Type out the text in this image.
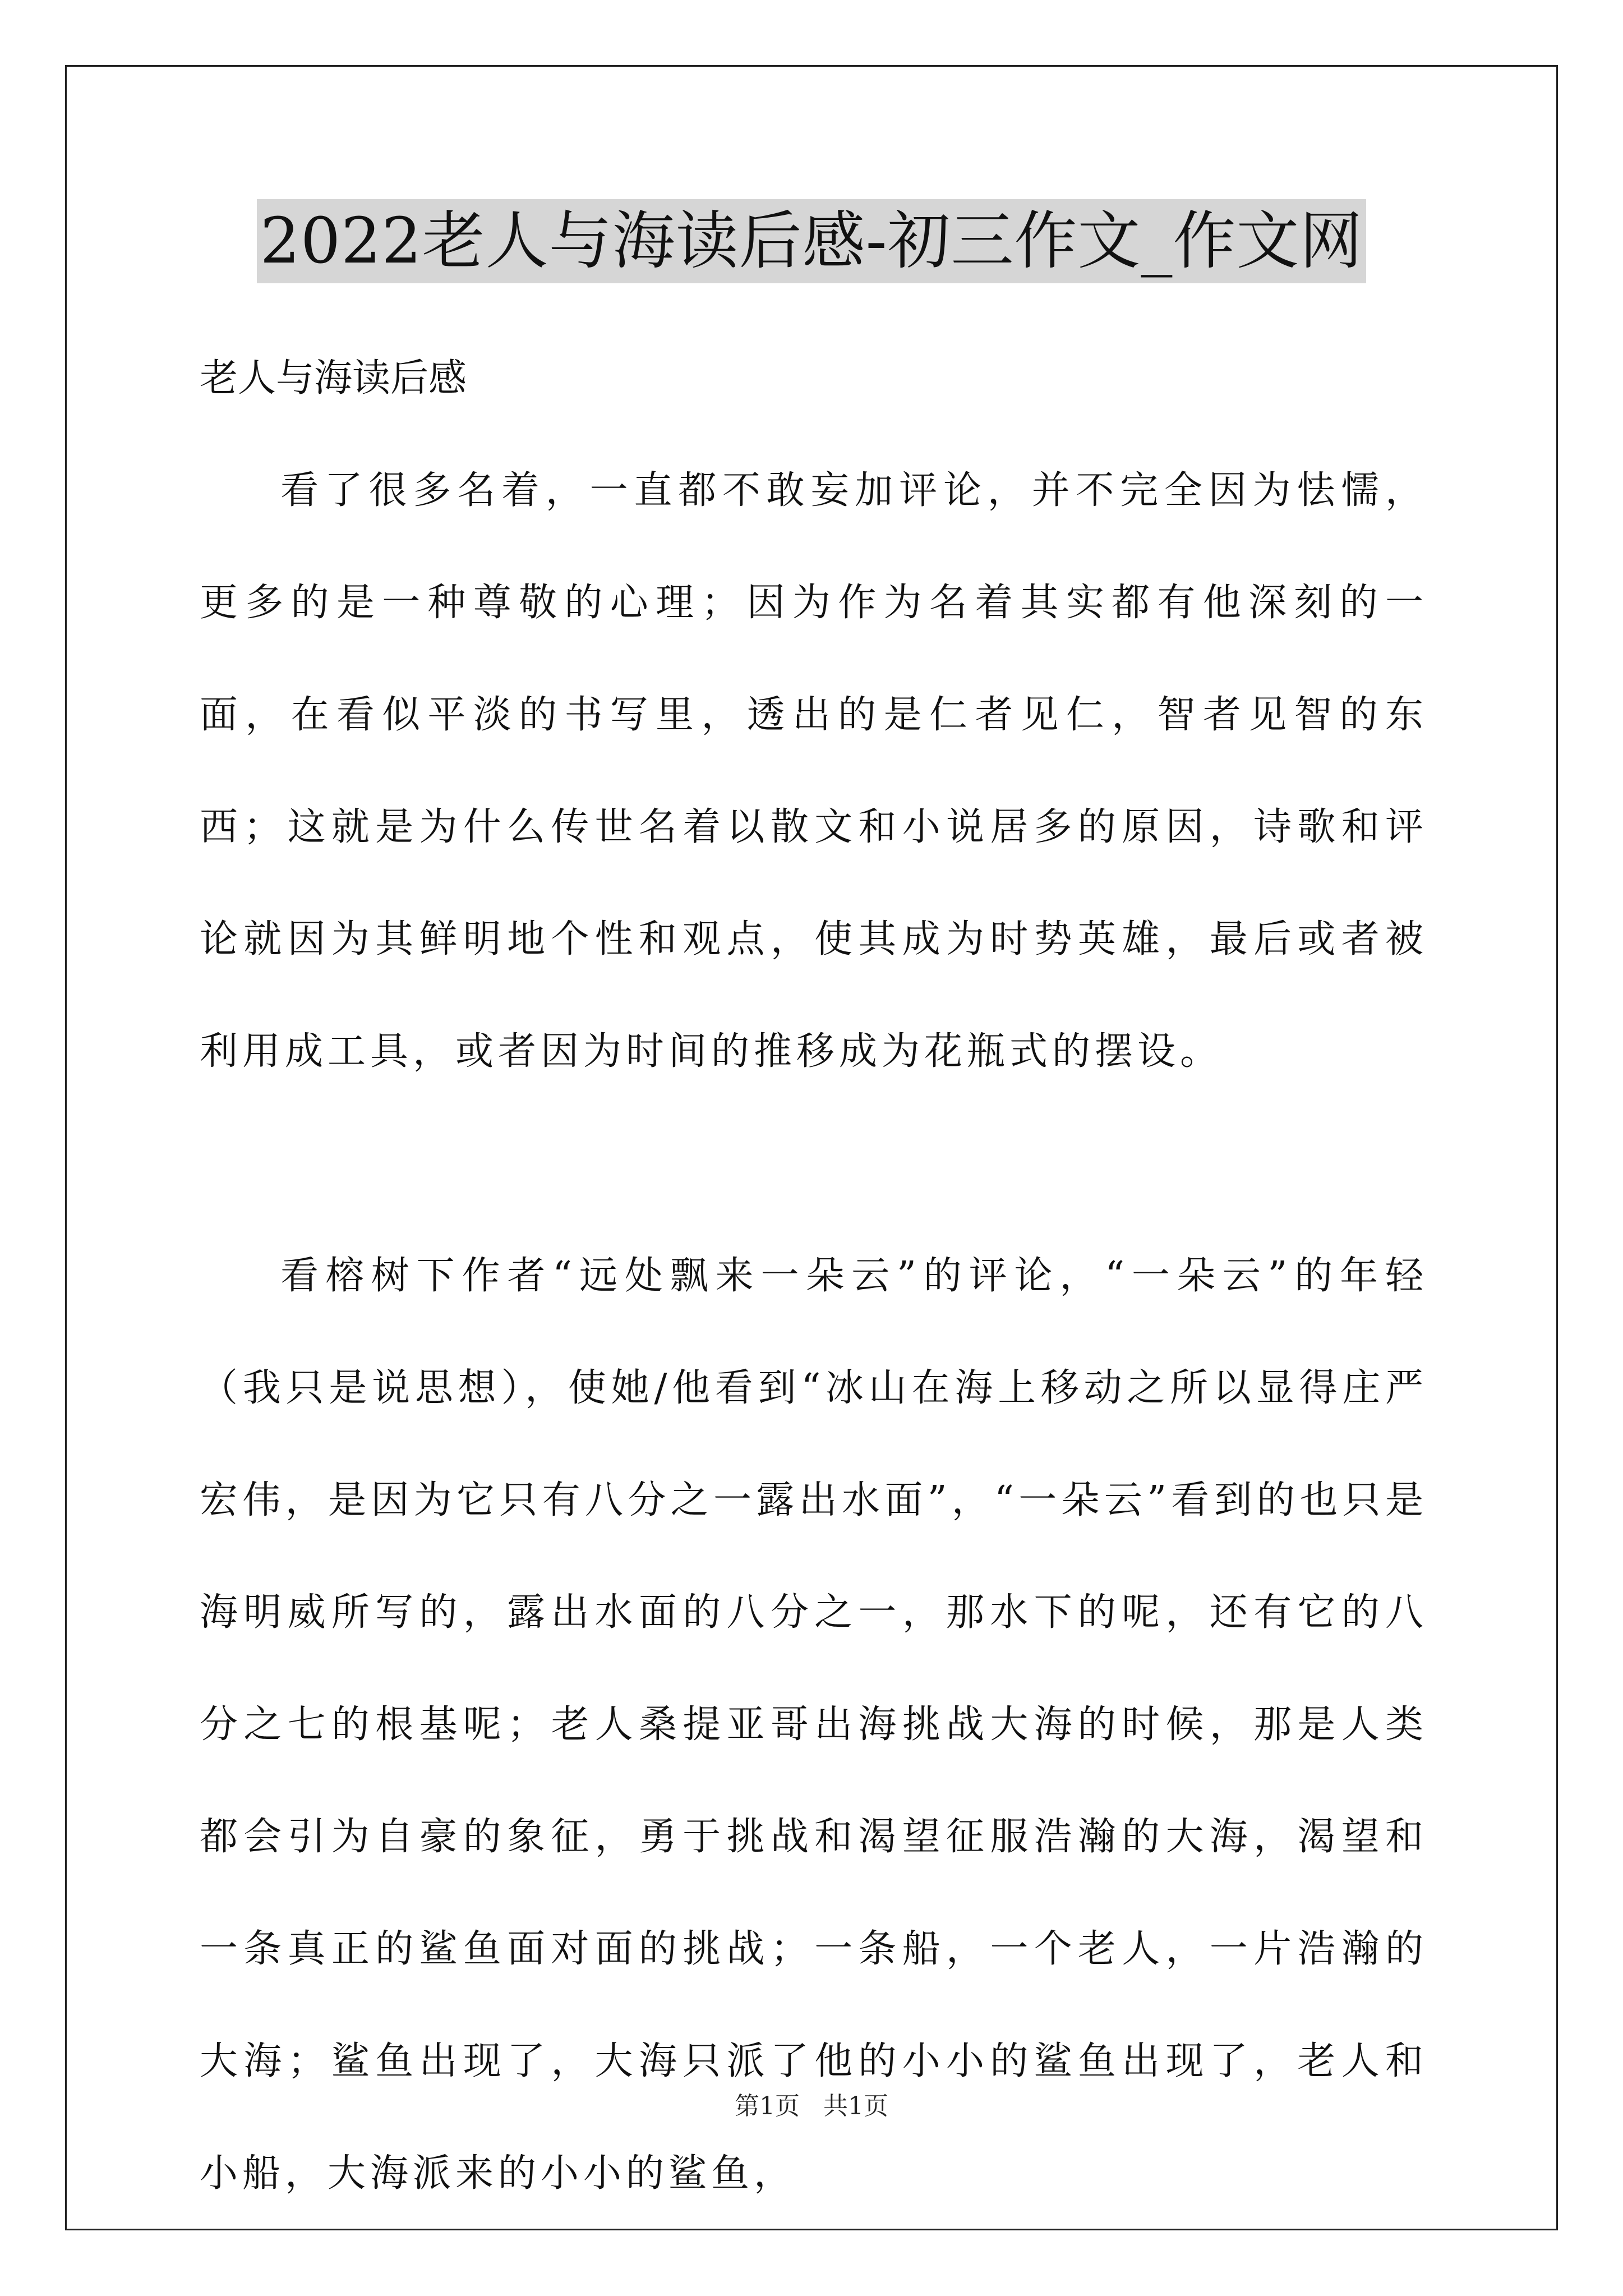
2022老人与海读后感-初三作文_作文网

老人与海读后感

看了很多名着，一直都不敢妄加评论，并不完全因为怯懦，更多的是一种尊敬的心理；因为作为名着其实都有他深刻的一面，在看似平淡的书写里，透出的是仁者见仁，智者见智的东西；这就是为什么传世名着以散文和小说居多的原因，诗歌和评论就因为其鲜明地个性和观点，使其成为时势英雄，最后或者被利用成工具，或者因为时间的推移成为花瓶式的摆设。

看榕树下作者“远处飘来一朵云”的评论，“一朵云”的年轻（我只是说思想），使她/他看到“冰山在海上移动之所以显得庄严宏伟，是因为它只有八分之一露出水面”，“一朵云”看到的也只是海明威所写的，露出水面的八分之一，那水下的呢，还有它的八分之七的根基呢；老人桑提亚哥出海挑战大海的时候，那是人类都会引为自豪的象征，勇于挑战和渴望征服浩瀚的大海，渴望和一条真正的鲨鱼面对面的挑战；一条船，一个老人，一片浩瀚的大海；鲨鱼出现了，大海只派了他的小小的鲨鱼出现了，老人和小船，大海派来的小小的鲨鱼，

第1页   共1页
